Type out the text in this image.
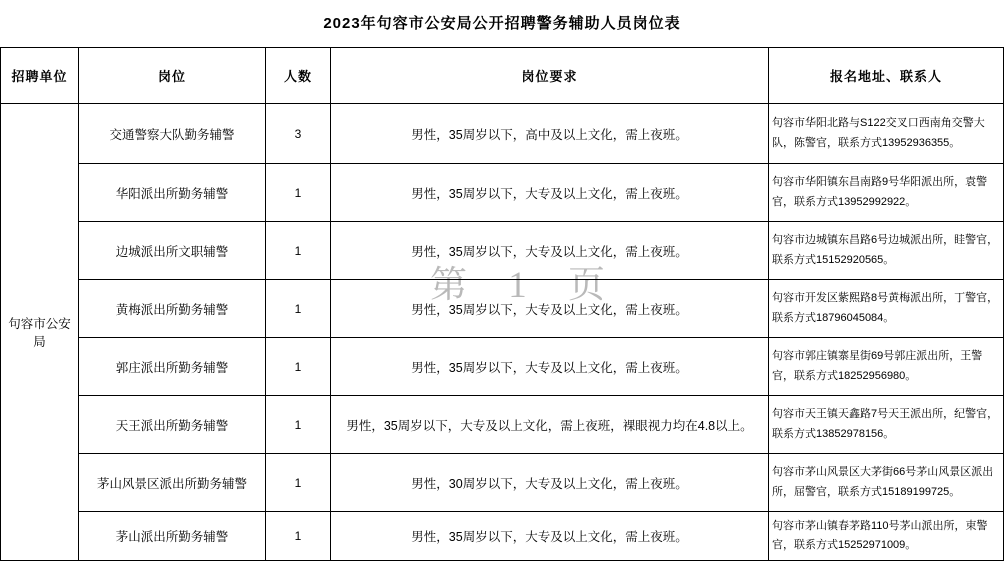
2023年句容市公安局公开招聘警务辅助人员岗位表
第 1 页
招聘单位	岗位	人数	岗位要求	报名地址、联系人
句容市公安局	交通警察大队勤务辅警	3	男性，35周岁以下，高中及以上文化，需上夜班。	句容市华阳北路与S122交叉口西南角交警大队，陈警官，联系方式13952936355。
	华阳派出所勤务辅警	1	男性，35周岁以下，大专及以上文化，需上夜班。	句容市华阳镇东昌南路9号华阳派出所，袁警官，联系方式13952992922。
	边城派出所文职辅警	1	男性，35周岁以下，大专及以上文化，需上夜班。	句容市边城镇东昌路6号边城派出所，眭警官，联系方式15152920565。
	黄梅派出所勤务辅警	1	男性，35周岁以下，大专及以上文化，需上夜班。	句容市开发区紫熙路8号黄梅派出所，丁警官，联系方式18796045084。
	郭庄派出所勤务辅警	1	男性，35周岁以下，大专及以上文化，需上夜班。	句容市郭庄镇寨星街69号郭庄派出所，王警官，联系方式18252956980。
	天王派出所勤务辅警	1	男性，35周岁以下，大专及以上文化，需上夜班，裸眼视力均在4.8以上。	句容市天王镇天鑫路7号天王派出所，纪警官，联系方式13852978156。
	茅山风景区派出所勤务辅警	1	男性，30周岁以下，大专及以上文化，需上夜班。	句容市茅山风景区大茅街66号茅山风景区派出所，屈警官，联系方式15189199725。
	茅山派出所勤务辅警	1	男性，35周岁以下，大专及以上文化，需上夜班。	句容市茅山镇春茅路110号茅山派出所，束警官，联系方式15252971009。
